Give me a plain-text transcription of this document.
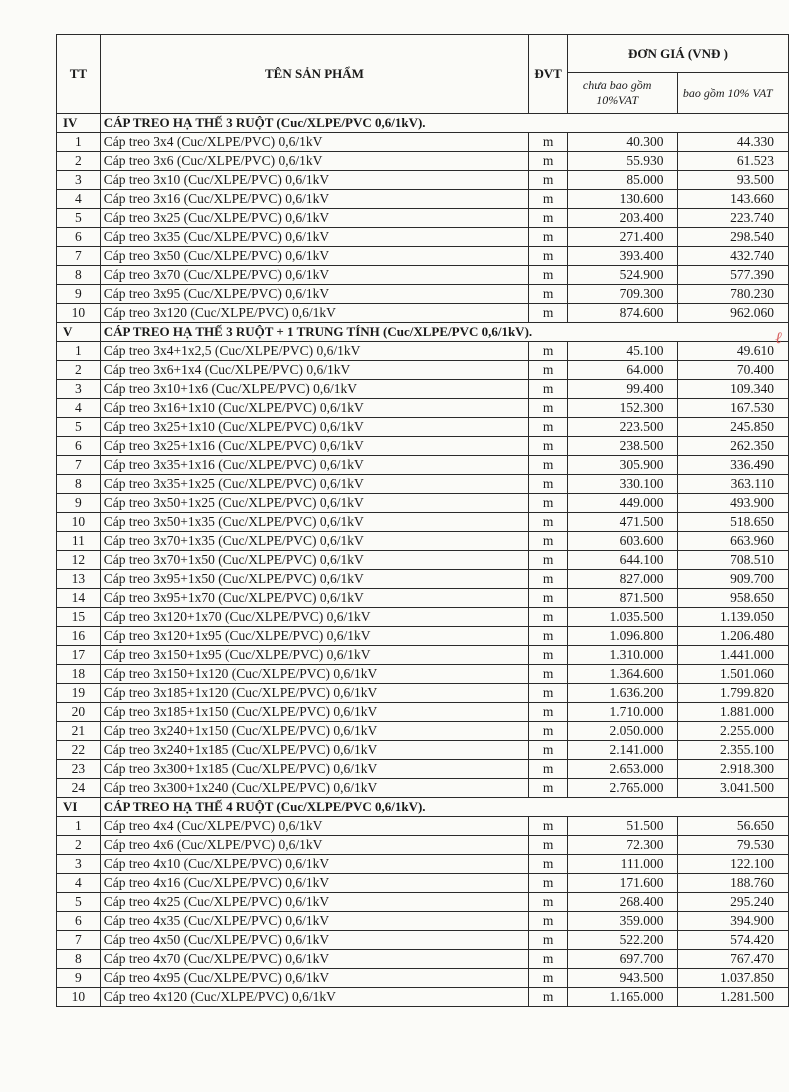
TT	TÊN SẢN PHẨM	ĐVT	ĐƠN GIÁ (VNĐ )	
			chưa bao gồm 10%VAT	bao gồm 10% VAT
IV	CÁP TREO HẠ THẾ 3 RUỘT (Cuc/XLPE/PVC 0,6/1kV).			
1	Cáp treo 3x4 (Cuc/XLPE/PVC) 0,6/1kV	m	40.300	44.330
2	Cáp treo 3x6 (Cuc/XLPE/PVC) 0,6/1kV	m	55.930	61.523
3	Cáp treo 3x10 (Cuc/XLPE/PVC) 0,6/1kV	m	85.000	93.500
4	Cáp treo 3x16 (Cuc/XLPE/PVC) 0,6/1kV	m	130.600	143.660
5	Cáp treo 3x25 (Cuc/XLPE/PVC) 0,6/1kV	m	203.400	223.740
6	Cáp treo 3x35 (Cuc/XLPE/PVC) 0,6/1kV	m	271.400	298.540
7	Cáp treo 3x50 (Cuc/XLPE/PVC) 0,6/1kV	m	393.400	432.740
8	Cáp treo 3x70 (Cuc/XLPE/PVC) 0,6/1kV	m	524.900	577.390
9	Cáp treo 3x95 (Cuc/XLPE/PVC) 0,6/1kV	m	709.300	780.230
10	Cáp treo 3x120 (Cuc/XLPE/PVC) 0,6/1kV	m	874.600	962.060
V	CÁP TREO HẠ THẾ 3 RUỘT + 1 TRUNG TÍNH (Cuc/XLPE/PVC 0,6/1kV).			
1	Cáp treo 3x4+1x2,5 (Cuc/XLPE/PVC) 0,6/1kV	m	45.100	49.610
2	Cáp treo 3x6+1x4 (Cuc/XLPE/PVC) 0,6/1kV	m	64.000	70.400
3	Cáp treo 3x10+1x6 (Cuc/XLPE/PVC) 0,6/1kV	m	99.400	109.340
4	Cáp treo 3x16+1x10 (Cuc/XLPE/PVC) 0,6/1kV	m	152.300	167.530
5	Cáp treo 3x25+1x10 (Cuc/XLPE/PVC) 0,6/1kV	m	223.500	245.850
6	Cáp treo 3x25+1x16 (Cuc/XLPE/PVC) 0,6/1kV	m	238.500	262.350
7	Cáp treo 3x35+1x16 (Cuc/XLPE/PVC) 0,6/1kV	m	305.900	336.490
8	Cáp treo 3x35+1x25 (Cuc/XLPE/PVC) 0,6/1kV	m	330.100	363.110
9	Cáp treo 3x50+1x25 (Cuc/XLPE/PVC) 0,6/1kV	m	449.000	493.900
10	Cáp treo 3x50+1x35 (Cuc/XLPE/PVC) 0,6/1kV	m	471.500	518.650
11	Cáp treo 3x70+1x35 (Cuc/XLPE/PVC) 0,6/1kV	m	603.600	663.960
12	Cáp treo 3x70+1x50 (Cuc/XLPE/PVC) 0,6/1kV	m	644.100	708.510
13	Cáp treo 3x95+1x50 (Cuc/XLPE/PVC) 0,6/1kV	m	827.000	909.700
14	Cáp treo 3x95+1x70 (Cuc/XLPE/PVC) 0,6/1kV	m	871.500	958.650
15	Cáp treo 3x120+1x70 (Cuc/XLPE/PVC) 0,6/1kV	m	1.035.500	1.139.050
16	Cáp treo 3x120+1x95 (Cuc/XLPE/PVC) 0,6/1kV	m	1.096.800	1.206.480
17	Cáp treo 3x150+1x95 (Cuc/XLPE/PVC) 0,6/1kV	m	1.310.000	1.441.000
18	Cáp treo 3x150+1x120 (Cuc/XLPE/PVC) 0,6/1kV	m	1.364.600	1.501.060
19	Cáp treo 3x185+1x120 (Cuc/XLPE/PVC) 0,6/1kV	m	1.636.200	1.799.820
20	Cáp treo 3x185+1x150 (Cuc/XLPE/PVC) 0,6/1kV	m	1.710.000	1.881.000
21	Cáp treo 3x240+1x150 (Cuc/XLPE/PVC) 0,6/1kV	m	2.050.000	2.255.000
22	Cáp treo 3x240+1x185 (Cuc/XLPE/PVC) 0,6/1kV	m	2.141.000	2.355.100
23	Cáp treo 3x300+1x185 (Cuc/XLPE/PVC) 0,6/1kV	m	2.653.000	2.918.300
24	Cáp treo 3x300+1x240 (Cuc/XLPE/PVC) 0,6/1kV	m	2.765.000	3.041.500
VI	CÁP TREO HẠ THẾ 4 RUỘT (Cuc/XLPE/PVC 0,6/1kV).			
1	Cáp treo 4x4 (Cuc/XLPE/PVC) 0,6/1kV	m	51.500	56.650
2	Cáp treo 4x6 (Cuc/XLPE/PVC) 0,6/1kV	m	72.300	79.530
3	Cáp treo 4x10 (Cuc/XLPE/PVC) 0,6/1kV	m	111.000	122.100
4	Cáp treo 4x16 (Cuc/XLPE/PVC) 0,6/1kV	m	171.600	188.760
5	Cáp treo 4x25 (Cuc/XLPE/PVC) 0,6/1kV	m	268.400	295.240
6	Cáp treo 4x35 (Cuc/XLPE/PVC) 0,6/1kV	m	359.000	394.900
7	Cáp treo 4x50 (Cuc/XLPE/PVC) 0,6/1kV	m	522.200	574.420
8	Cáp treo 4x70 (Cuc/XLPE/PVC) 0,6/1kV	m	697.700	767.470
9	Cáp treo 4x95 (Cuc/XLPE/PVC) 0,6/1kV	m	943.500	1.037.850
10	Cáp treo 4x120 (Cuc/XLPE/PVC) 0,6/1kV	m	1.165.000	1.281.500
ℓ
